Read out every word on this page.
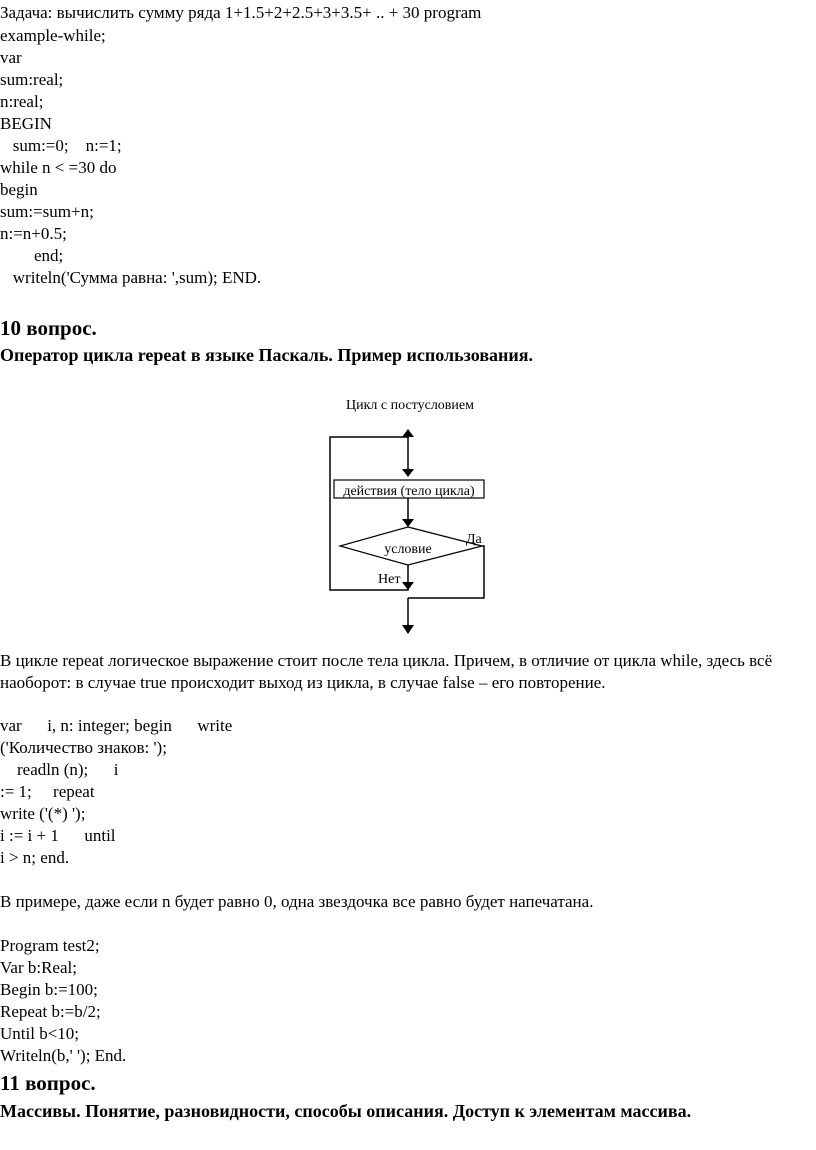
Задача: вычислить сумму ряда 1+1.5+2+2.5+3+3.5+ .. + 30 program
example-while;
var
sum:real;
n:real;
BEGIN
sum:=0;    n:=1;
while n < =30 do
begin
sum:=sum+n;
n:=n+0.5;
end;
writeln('Сумма равна: ',sum); END.
10 вопрос.
Оператор цикла repeat в языке Паскаль. Пример использования.
Цикл с постусловием
действия (тело цикла)
условие
Да
Нет
В цикле repeat логическое выражение стоит после тела цикла. Причем, в отличие от цикла while, здесь всё наоборот: в случае true происходит выход из цикла, в случае false – его повторение.
var      i, n: integer; begin      write
('Количество знаков: ');
readln (n);      i
:= 1;     repeat
write ('(*) ');
i := i + 1      until
i > n; end.
В примере, даже если n будет равно 0, одна звездочка все равно будет напечатана.
Program test2;
Var b:Real;
Begin b:=100;
Repeat b:=b/2;
Until b<10;
Writeln(b,' '); End.
11 вопрос.
Массивы. Понятие, разновидности, способы описания. Доступ к элементам массива.
